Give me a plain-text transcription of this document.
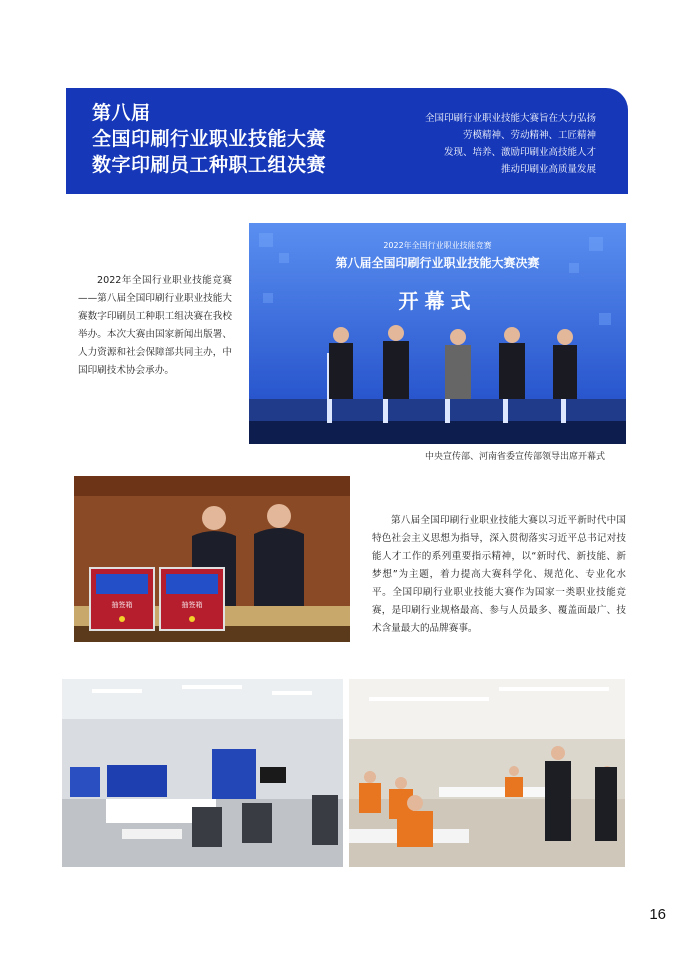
第八届
全国印刷行业职业技能大赛
数字印刷员工种职工组决赛
全国印刷行业职业技能大赛旨在大力弘扬
劳模精神、劳动精神、工匠精神
发现、培养、激励印刷业高技能人才
推动印刷业高质量发展
2022年全国行业职业技能竞赛——第八届全国印刷行业职业技能大赛数字印刷员工种职工组决赛在我校举办。本次大赛由国家新闻出版署、人力资源和社会保障部共同主办，中国印刷技术协会承办。
2022年全国行业职业技能竞赛
第八届全国印刷行业职业技能大赛决赛
开幕式
中央宣传部、河南省委宣传部领导出席开幕式
抽签箱	抽签箱
第八届全国印刷行业职业技能大赛以习近平新时代中国特色社会主义思想为指导，深入贯彻落实习近平总书记对技能人才工作的系列重要指示精神，以“新时代、新技能、新梦想”为主题，着力提高大赛科学化、规范化、专业化水平。全国印刷行业职业技能大赛作为国家一类职业技能竞赛，是印刷行业规格最高、参与人员最多、覆盖面最广、技术含量最大的品牌赛事。
16
